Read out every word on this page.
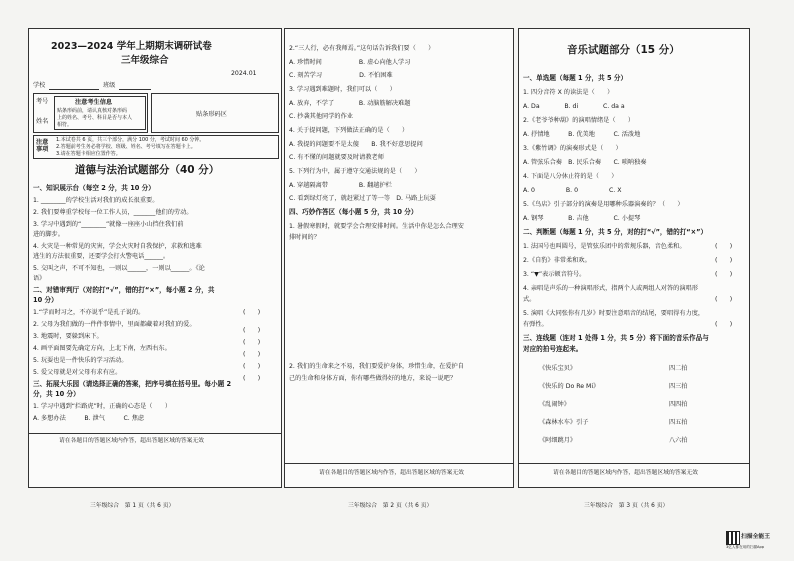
2023—2024 学年上期期末调研试卷
三年级综合
2024.01
学校	班级
考号
姓名
注意考生信息
贴条形码前，请认真核对条形码
上的姓名、考号、科目是否与本人
相符。
贴条形码区
注意事项
1.本试卷共 6 页，共三个部分，满分 100 分，考试时间 60 分钟。
2.答题前考生务必将学校、班级、姓名、考号填写在答题卡上。
3.请在答题卡相应位置作答。
道德与法治试题部分（40 分）
一、知识展示台（每空 2 分，共 10 分）
1. ________的学校生活对我们的成长很重要。
2. 我们要尊重学校每一位工作人员，_______他们的劳动。
3. 学习中遇到的“________”就像一座座小山挡住我们前
进的脚步。
4. 火灾是一种常见的灾害，学会火灾时自我保护，求救和逃难
逃生的方法很重要，还要学会打火警电话______。
5. 交叫之声，不可不知也，一则以______，一则以______。《论
语》
二、对错审判厅（对的打“√”，错的打“×”，每小题 2 分，共
10 分）
1.“学而时习之，不亦说乎”是孔子说的。
2. 父母为我们做的一件件事情中，里面都藏着对我们的爱。
3. 地震时，要躲到床下。
4. 画平面图要先确定方向，上北下南，左西右东。
5. 玩耍也是一件快乐的学习活动。
5. 爱父母就是对父母有求有应。
三、拓展大乐园（请选择正确的答案，把序号填在括号里。每小题 2
分，共 10 分）
1. 学习中遇到“拦路虎”时，正确的心态是（　　）
A. 多想办法　　　B. 泄气　　　C. 焦虑
(　　)
(　　)
(　　)
(　　)
(　　)
(　　)
请在各题目的答题区域内作答，超出答题区域的答案无效
三年级综合　第 1 页（共 6 页）
2.“三人行，必有我师焉。”这句话告诉我们要（　　）
A. 珍惜时间　　　　　　B. 虚心向他人学习
C. 刻苦学习　　　　　　D. 不怕困难
3. 学习遇到难题时，我们可以（　　）
A. 放弃，不学了　　　　B. 动脑筋解决难题
C. 抄袭其他同学的作业
4. 关于提问题，下列做法正确的是（　　）
A. 我提的问题要不是太傻　　B. 我不好意思提问
C. 有不懂的问题就要及时请教老师
5. 下列行为中，属于遵守交通法规的是（　　）
A. 穿越隔离带　　　　　B. 翻越护栏
C. 看到绿灯亮了，就赶紧过了等一等　D. 马路上玩耍
四、巧妙作答区（每小题 5 分，共 10 分）
1. 暑假寒假时，就要学会合理安排时间。生活中你是怎么合理安
排时间的？
2. 我们的生命来之不易，我们要爱护身体，珍惜生命，在爱护自
己的生命和身体方面，你有哪些做得好的地方，来说一说吧？
请在各题目的答题区域内作答，超出答题区域的答案无效
三年级综合　第 2 页（共 6 页）
音乐试题部分（15 分）
一、单选题（每题 1 分，共 5 分）
1. 四分音符 X 的读法是（　　）
A. Da　　　　B. di　　　　C. da a
2.《老爷爷种葫》的演唱情绪是（　　）
A. 抒情地　　　B. 优美地　　　C. 活泼地
3.《紫竹调》的演奏形式是（　　）
A. 管弦乐合奏　B. 民乐合奏　　C. 唢呐独奏
4. 下面是八分休止符的是（　　）
A. 0　　　　　B. 0　　　　　C. X
5.《鸟店》引子部分的演奏是用哪种乐器演奏的？（　　）
A. 钢琴　　　　B. 吉他　　　　C. 小提琴
二、判断题（每题 1 分，共 5 分，对的打“√”，错的打“×”）
1. 法国号也叫圆号，是管弦乐团中的常规乐器，音色柔和。
2.《自豹》非常柔和欢。
3. “▼”表示顿音符号。
4. 亲唱是声乐的一种演唱形式，指两个人或两组人对答的演唱形
式。
5. 演唱《大同张你有几岁》时要注意唱音的结尾，要唱得有力度，
有弹性。
三、连线题（连对 1 处得 1 分，共 5 分）将下面的音乐作品与
对应的拍号连起来。
(　　)
(　　)
(　　)
(　　)
(　　)
《快乐宝贝》
《快乐的 Do Re Mi》
《乱闹钟》
《森林水车》引子
《阿细跳月》
四二拍
四三拍
四四拍
四五拍
八六拍
请在各题目的答题区域内作答，超出答题区域的答案无效
三年级综合　第 3 页（共 6 页）
扫描全能王
3亿人都在用的扫描App
